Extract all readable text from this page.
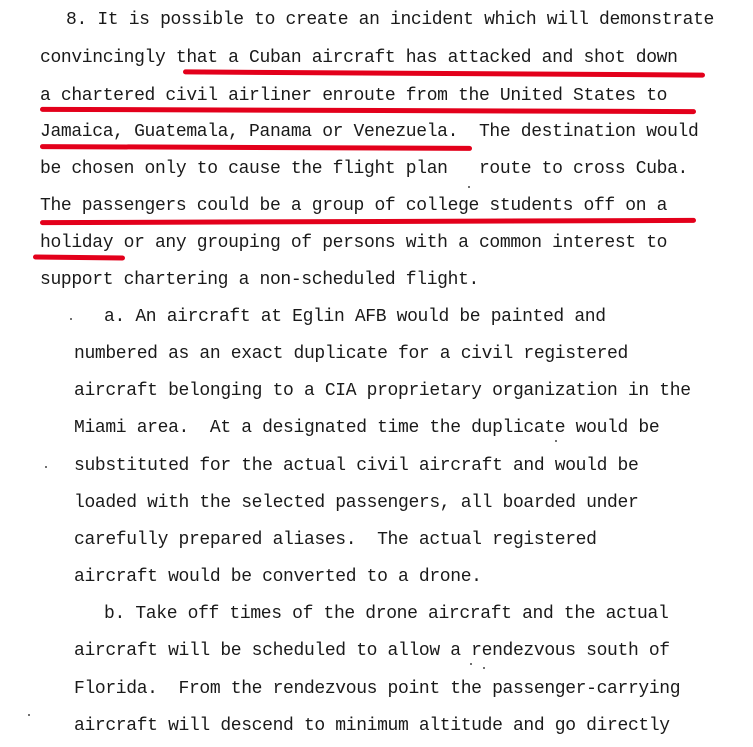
8. It is possible to create an incident which will demonstrate
convincingly that a Cuban aircraft has attacked and shot down
a chartered civil airliner enroute from the United States to
Jamaica, Guatemala, Panama or Venezuela.  The destination would
be chosen only to cause the flight plan   route to cross Cuba.
The passengers could be a group of college students off on a
holiday or any grouping of persons with a common interest to
support chartering a non-scheduled flight.
a. An aircraft at Eglin AFB would be painted and
numbered as an exact duplicate for a civil registered
aircraft belonging to a CIA proprietary organization in the
Miami area.  At a designated time the duplicate would be
substituted for the actual civil aircraft and would be
loaded with the selected passengers, all boarded under
carefully prepared aliases.  The actual registered
aircraft would be converted to a drone.
b. Take off times of the drone aircraft and the actual
aircraft will be scheduled to allow a rendezvous south of
Florida.  From the rendezvous point the passenger-carrying
aircraft will descend to minimum altitude and go directly
